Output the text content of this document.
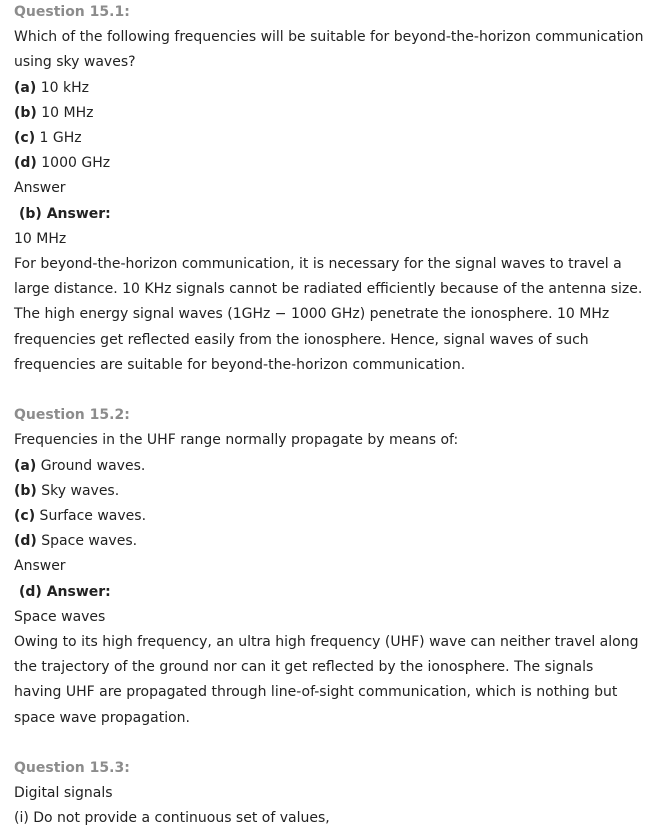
Question 15.1:
Which of the following frequencies will be suitable for beyond-the-horizon communication
using sky waves?
(a) 10 kHz
(b) 10 MHz
(c) 1 GHz
(d) 1000 GHz
Answer
(b) Answer:
10 MHz
For beyond-the-horizon communication, it is necessary for the signal waves to travel a
large distance. 10 KHz signals cannot be radiated efficiently because of the antenna size.
The high energy signal waves (1GHz − 1000 GHz) penetrate the ionosphere. 10 MHz
frequencies get reflected easily from the ionosphere. Hence, signal waves of such
frequencies are suitable for beyond-the-horizon communication.
Question 15.2:
Frequencies in the UHF range normally propagate by means of:
(a) Ground waves.
(b) Sky waves.
(c) Surface waves.
(d) Space waves.
Answer
(d) Answer:
Space waves
Owing to its high frequency, an ultra high frequency (UHF) wave can neither travel along
the trajectory of the ground nor can it get reflected by the ionosphere. The signals
having UHF are propagated through line-of-sight communication, which is nothing but
space wave propagation.
Question 15.3:
Digital signals
(i) Do not provide a continuous set of values,
